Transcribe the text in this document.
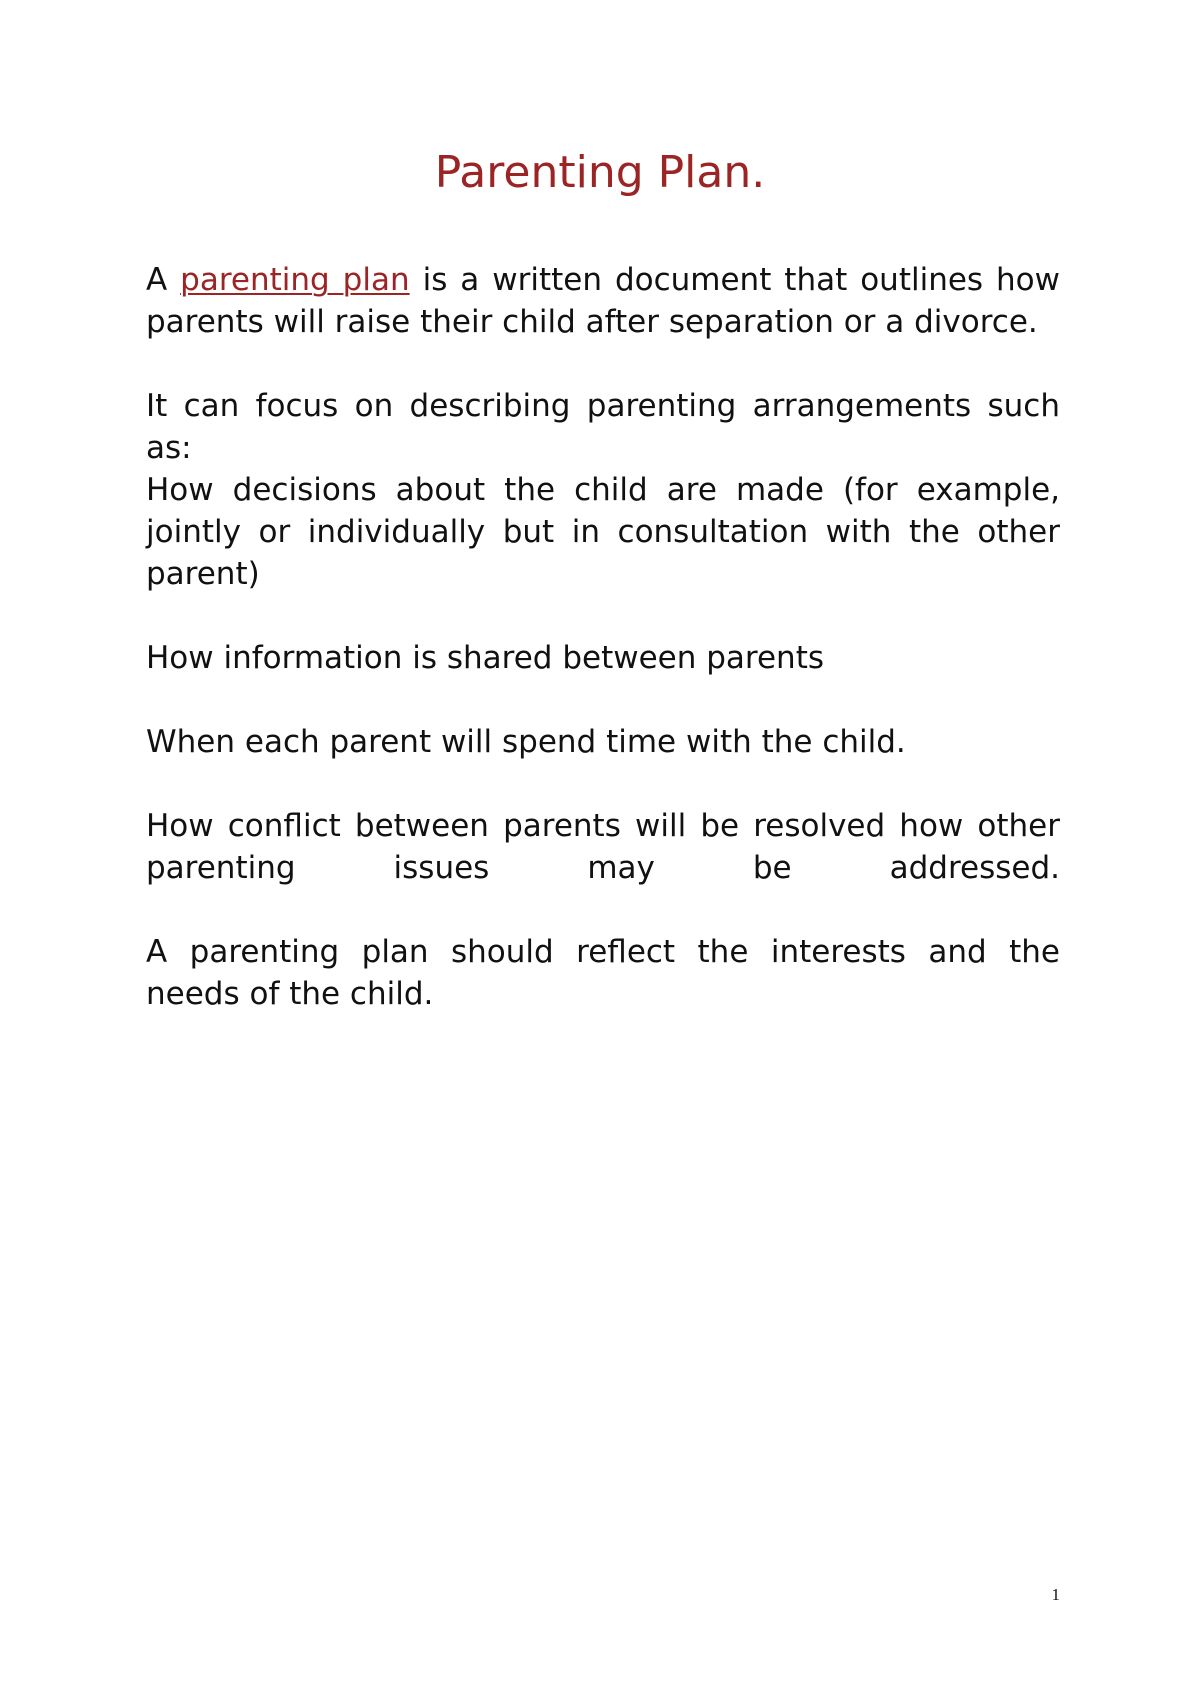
Parenting Plan.

A parenting plan is a written document that outlines how parents will raise their child after separation or a divorce.

It can focus on describing parenting arrangements such as:

How decisions about the child are made (for example, jointly or individually but in consultation with the other parent)

How information is shared between parents

When each parent will spend time with the child.

How conflict between parents will be resolved how other

parenting issues may be addressed.

A parenting plan should reflect the interests and the needs of the child.

1
